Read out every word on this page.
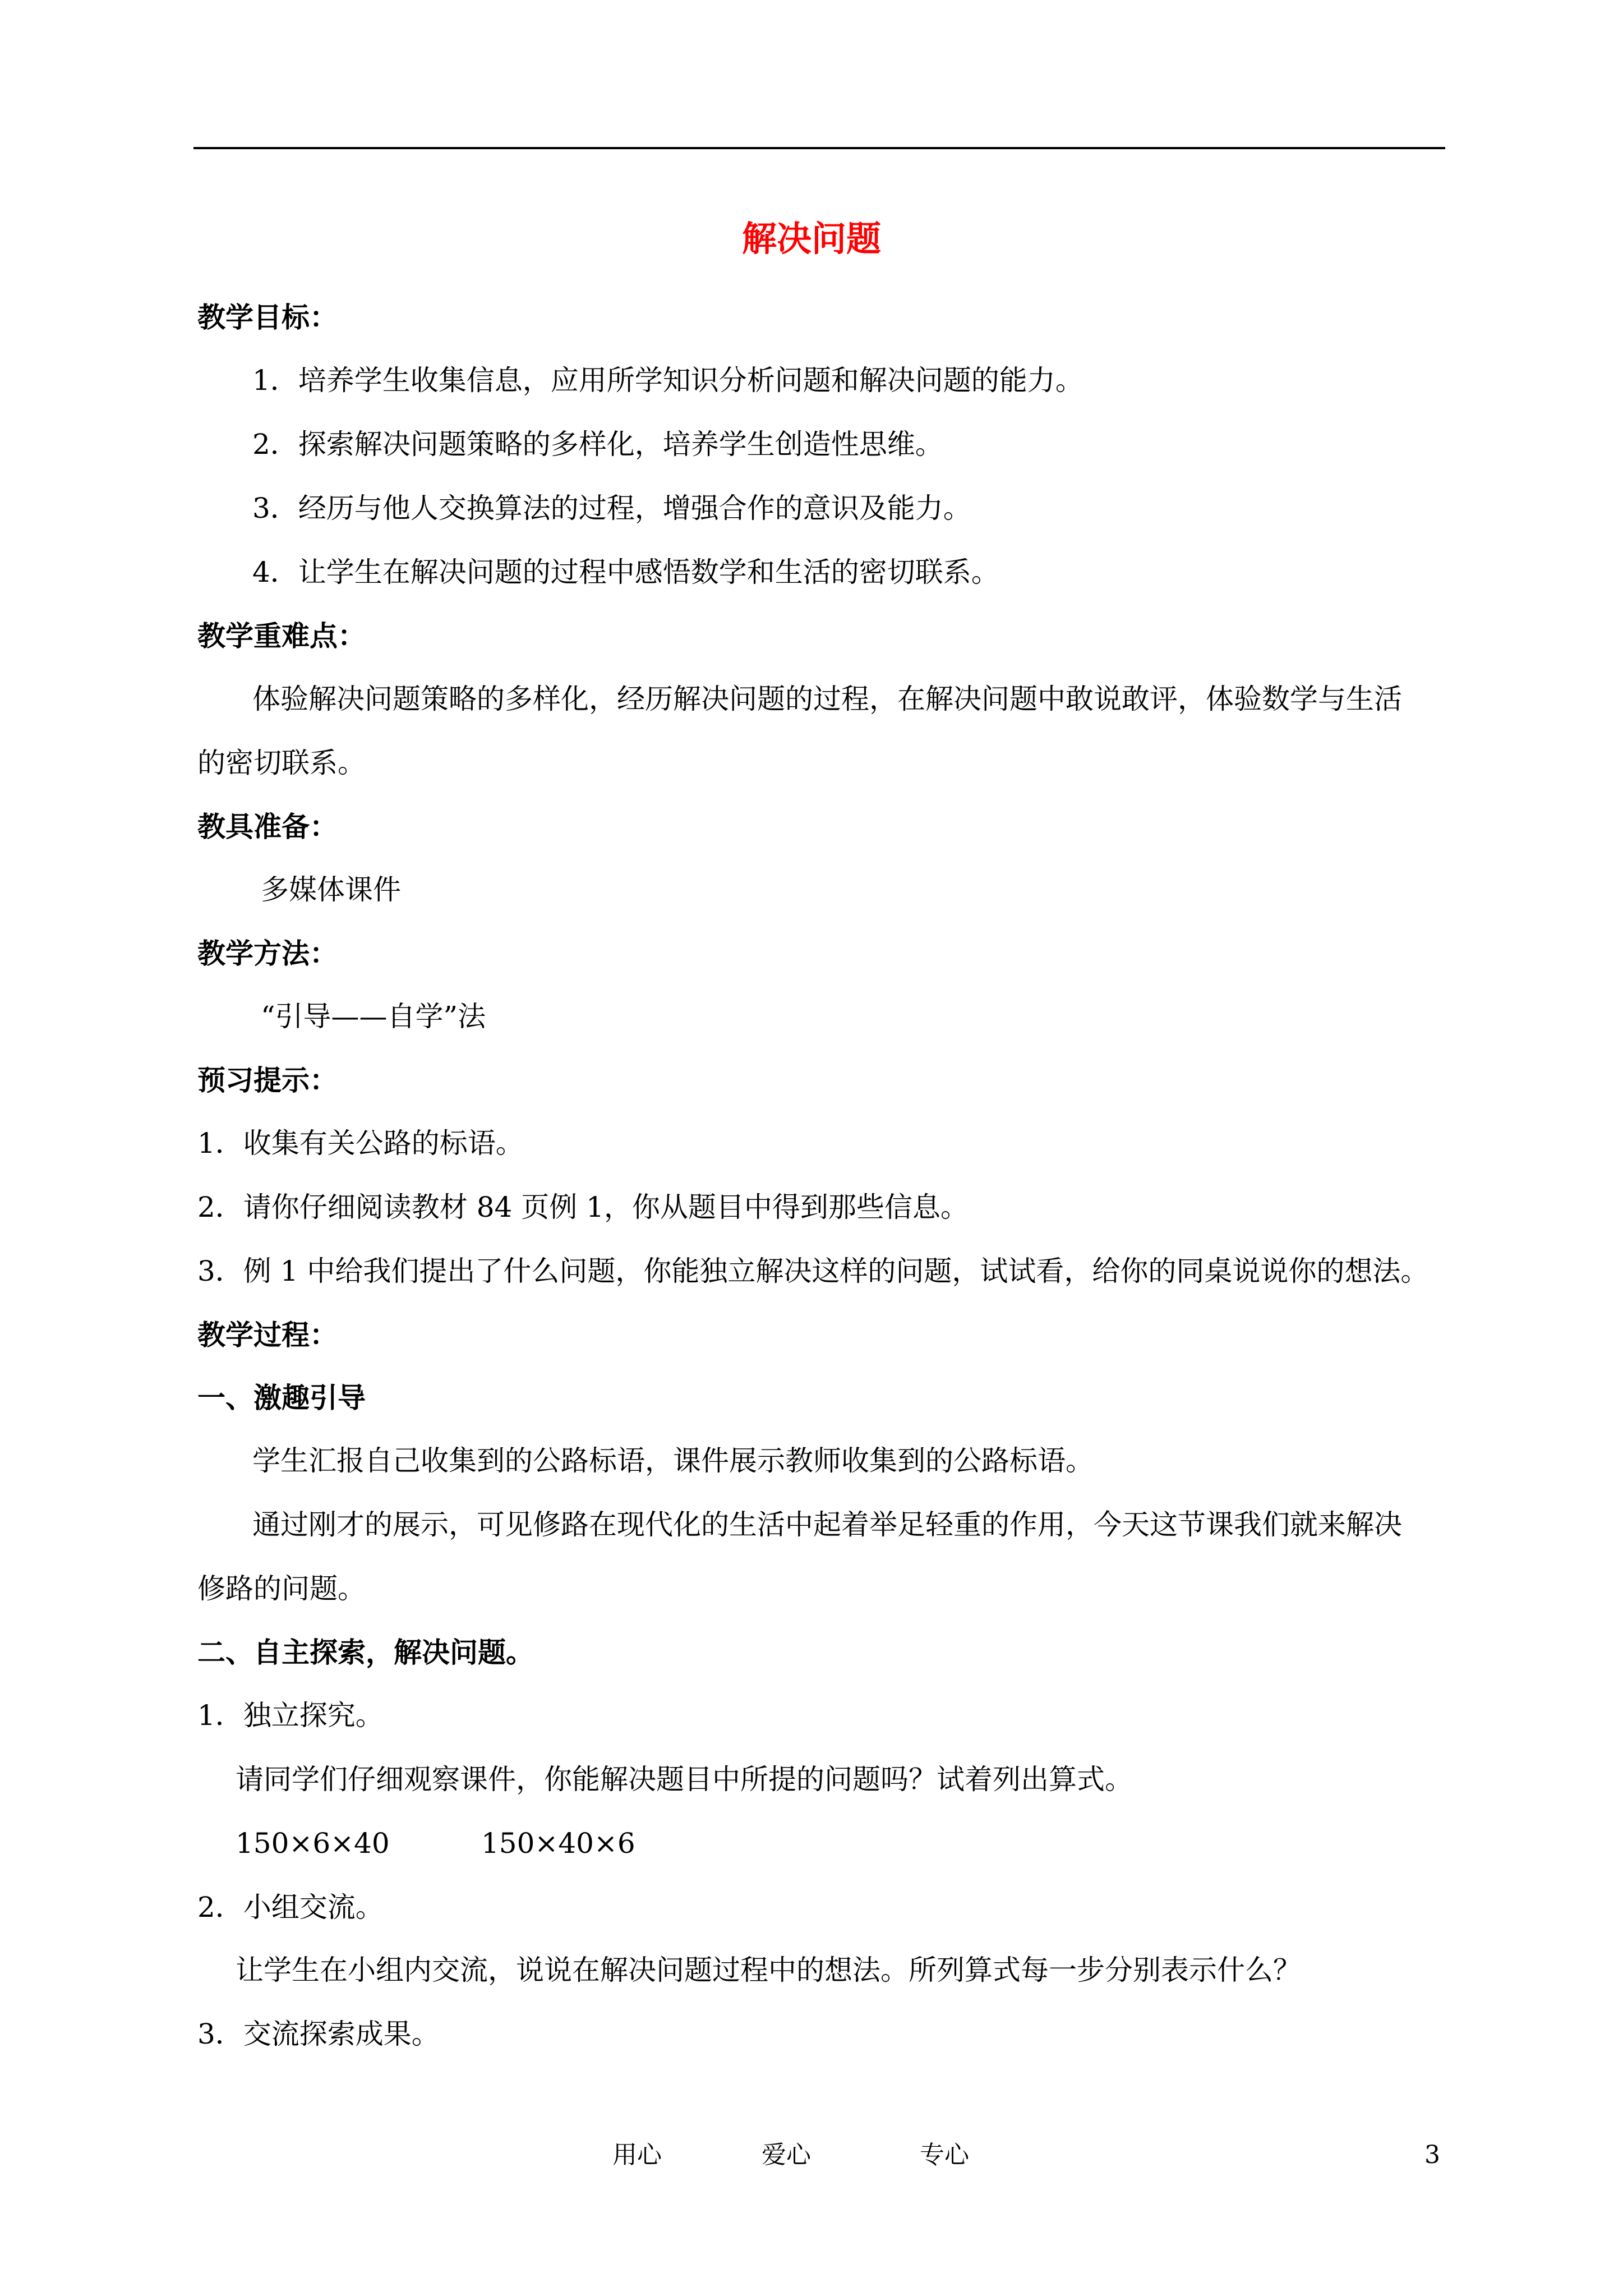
解决问题
教学目标：
1．培养学生收集信息，应用所学知识分析问题和解决问题的能力。
2．探索解决问题策略的多样化，培养学生创造性思维。
3．经历与他人交换算法的过程，增强合作的意识及能力。
4．让学生在解决问题的过程中感悟数学和生活的密切联系。
教学重难点：
体验解决问题策略的多样化，经历解决问题的过程，在解决问题中敢说敢评，体验数学与生活
的密切联系。
教具准备：
多媒体课件
教学方法：
“引导——自学”法
预习提示：
1．收集有关公路的标语。
2．请你仔细阅读教材 84 页例 1，你从题目中得到那些信息。
3．例 1 中给我们提出了什么问题，你能独立解决这样的问题，试试看，给你的同桌说说你的想法。
教学过程：
一、激趣引导
学生汇报自己收集到的公路标语，课件展示教师收集到的公路标语。
通过刚才的展示，可见修路在现代化的生活中起着举足轻重的作用，今天这节课我们就来解决
修路的问题。
二、自主探索，解决问题。
1．独立探究。
请同学们仔细观察课件，你能解决题目中所提的问题吗？试着列出算式。
150×6×40	150×40×6
2．小组交流。
让学生在小组内交流，说说在解决问题过程中的想法。所列算式每一步分别表示什么？
3．交流探索成果。
用心	爱心	专心	3
